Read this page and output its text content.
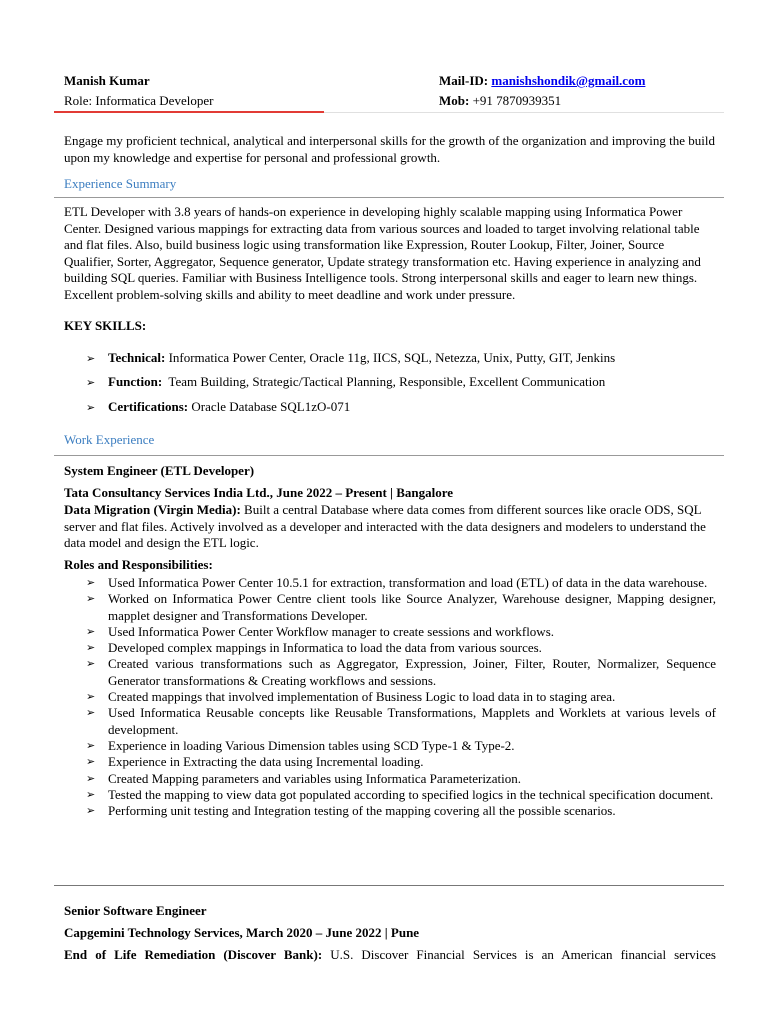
Manish Kumar
Role: Informatica Developer
Mail-ID: manishshondik@gmail.com
Mob: +91 7870939351
Engage my proficient technical, analytical and interpersonal skills for the growth of the organization and improving the build upon my knowledge and expertise for personal and professional growth.
Experience Summary
ETL Developer with 3.8 years of hands-on experience in developing highly scalable mapping using Informatica Power Center. Designed various mappings for extracting data from various sources and loaded to target involving relational table and flat files. Also, build business logic using transformation like Expression, Router Lookup, Filter, Joiner, Source Qualifier, Sorter, Aggregator, Sequence generator, Update strategy transformation etc. Having experience in analyzing and building SQL queries. Familiar with Business Intelligence tools. Strong interpersonal skills and eager to learn new things. Excellent problem-solving skills and ability to meet deadline and work under pressure.
KEY SKILLS:
➢ Technical: Informatica Power Center, Oracle 11g, IICS, SQL, Netezza, Unix, Putty, GIT, Jenkins
➢ Function:  Team Building, Strategic/Tactical Planning, Responsible, Excellent Communication
➢ Certifications: Oracle Database SQL1zO-071
Work Experience
System Engineer (ETL Developer)
Tata Consultancy Services India Ltd., June 2022 – Present | Bangalore
Data Migration (Virgin Media): Built a central Database where data comes from different sources like oracle ODS, SQL server and flat files. Actively involved as a developer and interacted with the data designers and modelers to understand the data model and design the ETL logic.
Roles and Responsibilities:
➢ Used Informatica Power Center 10.5.1 for extraction, transformation and load (ETL) of data in the data warehouse.
➢ Worked on Informatica Power Centre client tools like Source Analyzer, Warehouse designer, Mapping designer, mapplet designer and Transformations Developer.
➢ Used Informatica Power Center Workflow manager to create sessions and workflows.
➢ Developed complex mappings in Informatica to load the data from various sources.
➢ Created various transformations such as Aggregator, Expression, Joiner, Filter, Router, Normalizer, Sequence Generator transformations & Creating workflows and sessions.
➢ Created mappings that involved implementation of Business Logic to load data in to staging area.
➢ Used Informatica Reusable concepts like Reusable Transformations, Mapplets and Worklets at various levels of development.
➢ Experience in loading Various Dimension tables using SCD Type-1 & Type-2.
➢ Experience in Extracting the data using Incremental loading.
➢ Created Mapping parameters and variables using Informatica Parameterization.
➢ Tested the mapping to view data got populated according to specified logics in the technical specification document.
➢ Performing unit testing and Integration testing of the mapping covering all the possible scenarios.
Senior Software Engineer
Capgemini Technology Services, March 2020 – June 2022 | Pune
End of Life Remediation (Discover Bank): U.S. Discover Financial Services is an American financial services
